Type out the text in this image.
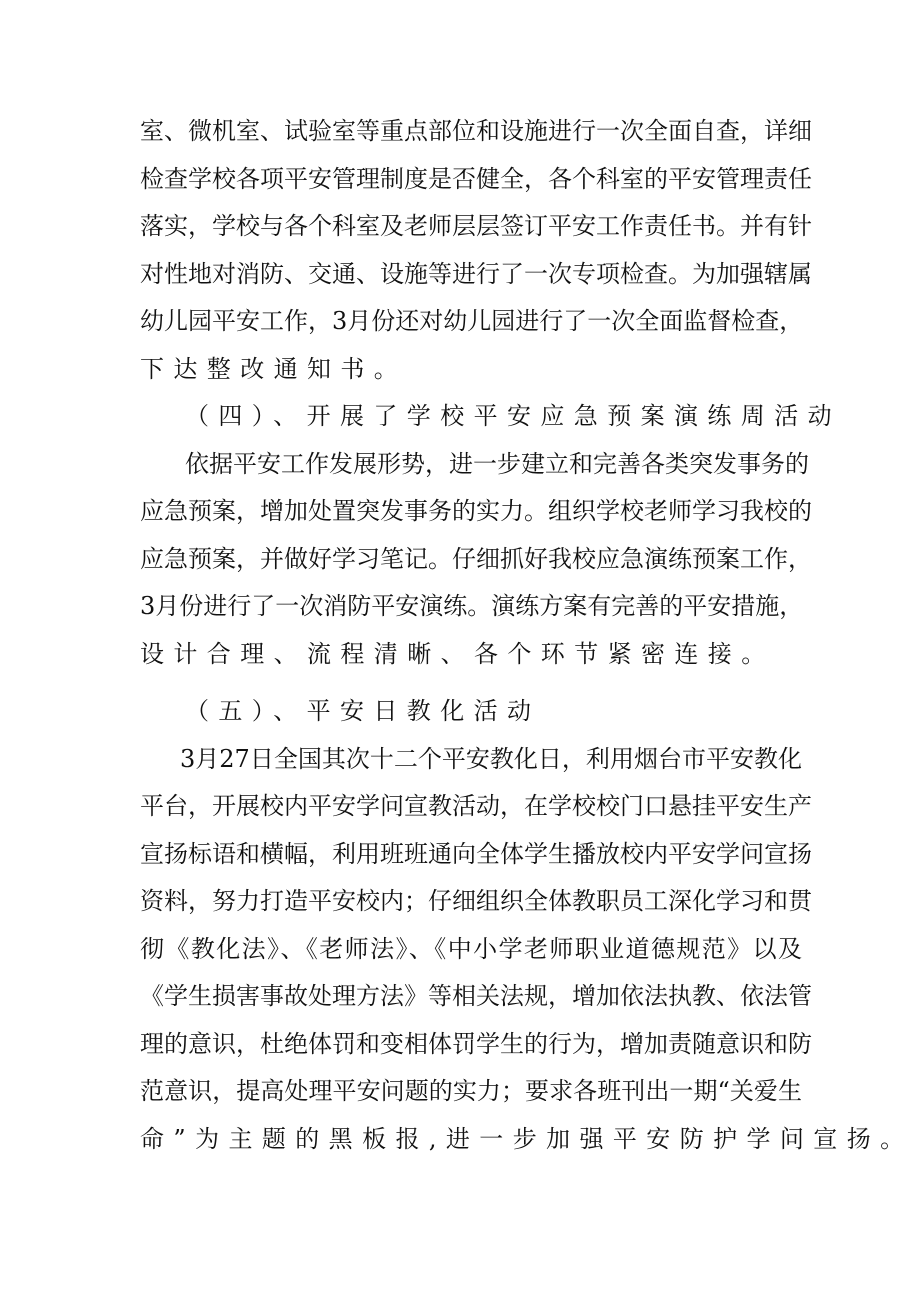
室、微机室、试验室等重点部位和设施进行一次全面自查，详细
检查学校各项平安管理制度是否健全，各个科室的平安管理责任
落实，学校与各个科室及老师层层签订平安工作责任书。并有针
对性地对消防、交通、设施等进行了一次专项检查。为加强辖属
幼儿园平安工作，3月份还对幼儿园进行了一次全面监督检查，
下达整改通知书。
（四）、开展了学校平安应急预案演练周活动
依据平安工作发展形势，进一步建立和完善各类突发事务的
应急预案，增加处置突发事务的实力。组织学校老师学习我校的
应急预案，并做好学习笔记。仔细抓好我校应急演练预案工作，
3月份进行了一次消防平安演练。演练方案有完善的平安措施，
设计合理、流程清晰、各个环节紧密连接。
（五）、平安日教化活动
3月27日全国其次十二个平安教化日，利用烟台市平安教化
平台，开展校内平安学问宣教活动，在学校校门口悬挂平安生产
宣扬标语和横幅，利用班班通向全体学生播放校内平安学问宣扬
资料，努力打造平安校内；仔细组织全体教职员工深化学习和贯
彻《教化法》、《老师法》、《中小学老师职业道德规范》以及
《学生损害事故处理方法》等相关法规，增加依法执教、依法管
理的意识，杜绝体罚和变相体罚学生的行为，增加责随意识和防
范意识，提高处理平安问题的实力；要求各班刊出一期“关爱生
命”为主题的黑板报,进一步加强平安防护学问宣扬。
